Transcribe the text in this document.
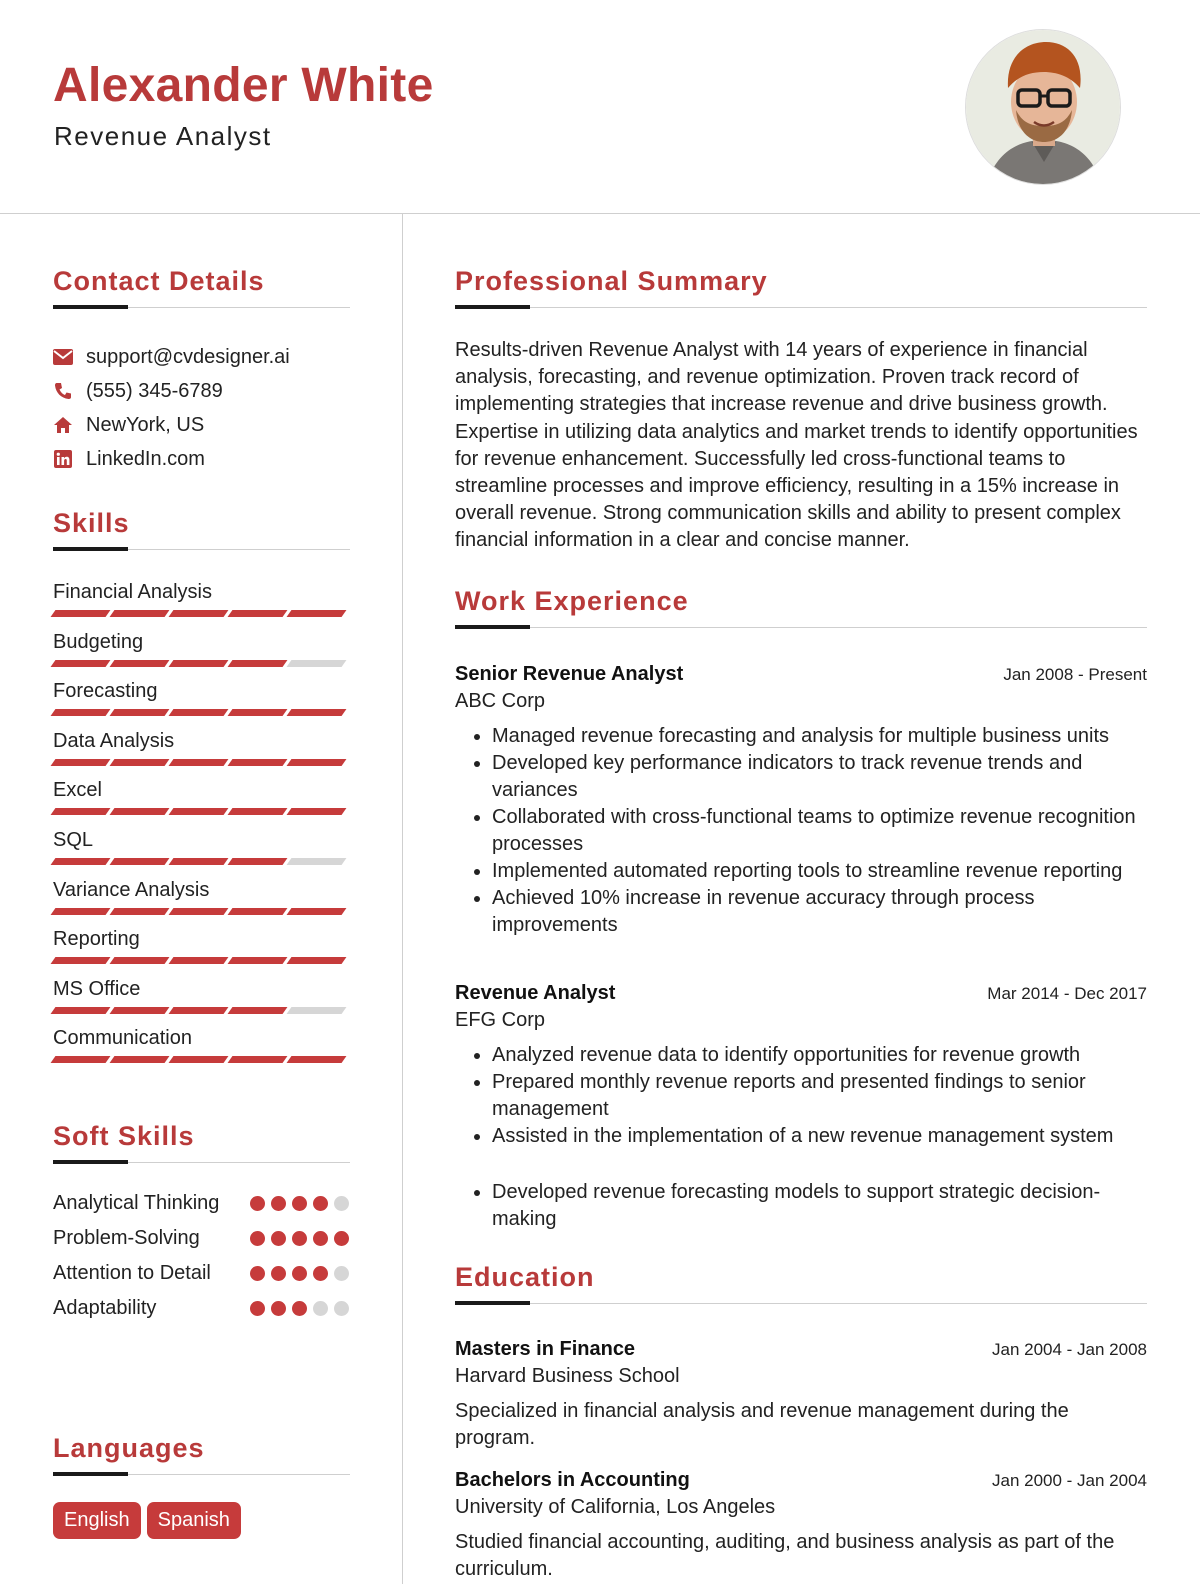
Alexander White
Revenue Analyst
Contact Details
support@cvdesigner.ai
(555) 345-6789
NewYork, US
LinkedIn.com
Skills
Financial Analysis
Budgeting
Forecasting
Data Analysis
Excel
SQL
Variance Analysis
Reporting
MS Office
Communication
Soft Skills
Analytical Thinking
Problem-Solving
Attention to Detail
Adaptability
Languages
English	Spanish
Professional Summary
Results-driven Revenue Analyst with 14 years of experience in financial analysis, forecasting, and revenue optimization. Proven track record of implementing strategies that increase revenue and drive business growth. Expertise in utilizing data analytics and market trends to identify opportunities for revenue enhancement. Successfully led cross-functional teams to streamline processes and improve efficiency, resulting in a 15% increase in overall revenue. Strong communication skills and ability to present complex financial information in a clear and concise manner.
Work Experience
Senior Revenue Analyst	Jan 2008 - Present
ABC Corp
• Managed revenue forecasting and analysis for multiple business units
• Developed key performance indicators to track revenue trends and variances
• Collaborated with cross-functional teams to optimize revenue recognition processes
• Implemented automated reporting tools to streamline revenue reporting
• Achieved 10% increase in revenue accuracy through process improvements
Revenue Analyst	Mar 2014 - Dec 2017
EFG Corp
• Analyzed revenue data to identify opportunities for revenue growth
• Prepared monthly revenue reports and presented findings to senior management
• Assisted in the implementation of a new revenue management system
• Developed revenue forecasting models to support strategic decision-making
Education
Masters in Finance	Jan 2004 - Jan 2008
Harvard Business School
Specialized in financial analysis and revenue management during the program.
Bachelors in Accounting	Jan 2000 - Jan 2004
University of California, Los Angeles
Studied financial accounting, auditing, and business analysis as part of the curriculum.
